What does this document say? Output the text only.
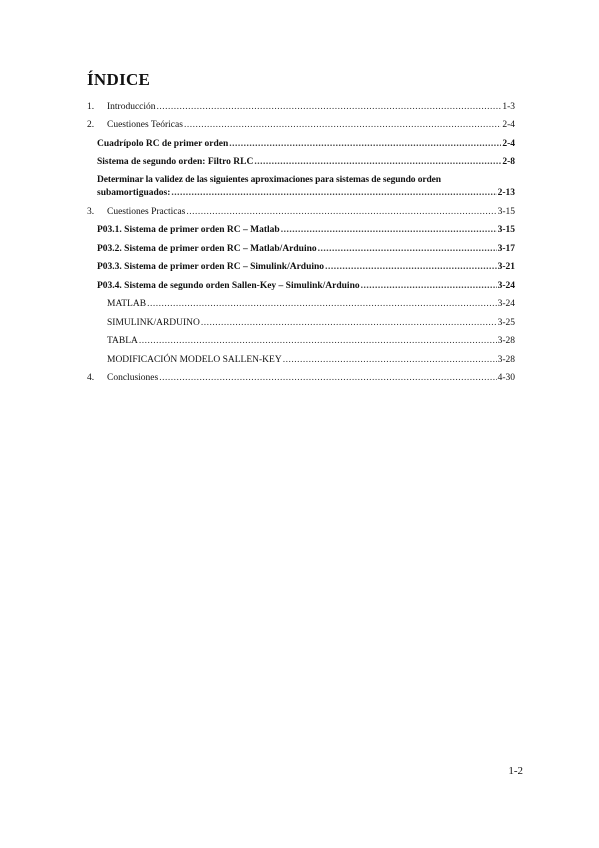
ÍNDICE
1.	Introducción .....	1-3
2.	Cuestiones Teóricas .....	2-4
Cuadrípolo RC de primer orden .....	2-4
Sistema de segundo orden: Filtro RLC .....	2-8
Determinar la validez de las siguientes aproximaciones para sistemas de segundo orden
subamortiguados: .....	2-13
3.	Cuestiones Practicas .....	3-15
P03.1. Sistema de primer orden RC – Matlab .....	3-15
P03.2. Sistema de primer orden RC – Matlab/Arduino .....	3-17
P03.3. Sistema de primer orden RC – Simulink/Arduino .....	3-21
P03.4. Sistema de segundo orden Sallen-Key – Simulink/Arduino .....	3-24
MATLAB .....	3-24
SIMULINK/ARDUINO .....	3-25
TABLA .....	3-28
MODIFICACIÓN MODELO SALLEN-KEY .....	3-28
4.	Conclusiones .....	4-30
1-2
